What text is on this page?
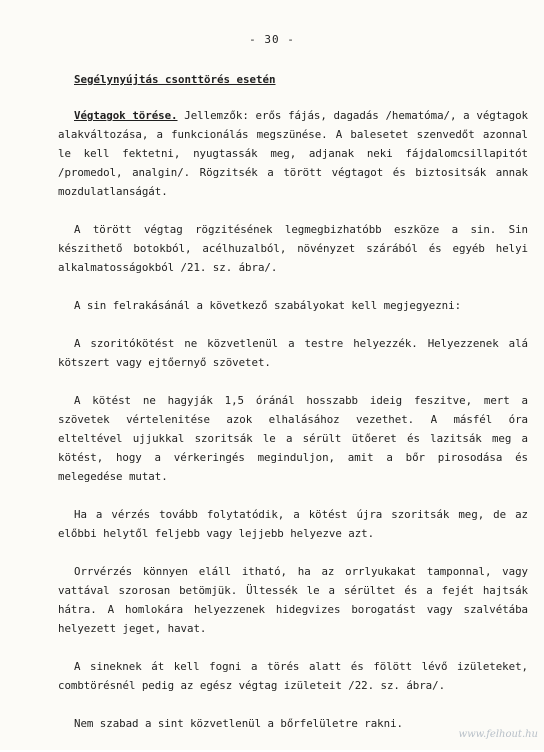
- 30 -
Segélynyújtás csonttörés esetén

Végtagok törése. Jellemzők: erős fájás, dagadás /hematóma/, a végtagok alakváltozása, a funkcionálás megszünése. A balesetet szenvedőt azonnal le kell fektetni, nyugtassák meg, adjanak neki fájdalomcsillapitót /promedol, analgin/. Rögzitsék a törött végtagot és biztositsák annak mozdulatlanságát.

A törött végtag rögzitésének legmegbizhatóbb eszköze a sin. Sin készithető botokból, acélhuzalból, növényzet szárából és egyéb helyi alkalmatosságokból /21. sz. ábra/.

A sin felrakásánál a következő szabályokat kell megjegyezni:

A szoritókötést ne közvetlenül a testre helyezzék. Helyezzenek alá kötszert vagy ejtőernyő szövetet.

A kötést ne hagyják 1,5 óránál hosszabb ideig feszitve, mert a szövetek vértelenitése azok elhalásához vezethet. A másfél óra elteltével ujjukkal szoritsák le a sérült ütőeret és lazitsák meg a kötést, hogy a vérkeringés meginduljon, amit a bőr pirosodása és melegedése mutat.

Ha a vérzés tovább folytatódik, a kötést újra szoritsák meg, de az előbbi helytől feljebb vagy lejjebb helyezve azt.

Orrvérzés könnyen eláll itható, ha az orrlyukakat tamponnal, vagy vattával szorosan betömjük. Ültessék le a sérültet és a fejét hajtsák hátra. A homlokára helyezzenek hidegvizes borogatást vagy szalvétába helyezett jeget, havat.

A sineknek át kell fogni a törés alatt és fölött lévő izületeket, combtörésnél pedig az egész végtag izületeit /22. sz. ábra/.

Nem szabad a sint közvetlenül a bőrfelületre rakni.

www.felhout.hu
